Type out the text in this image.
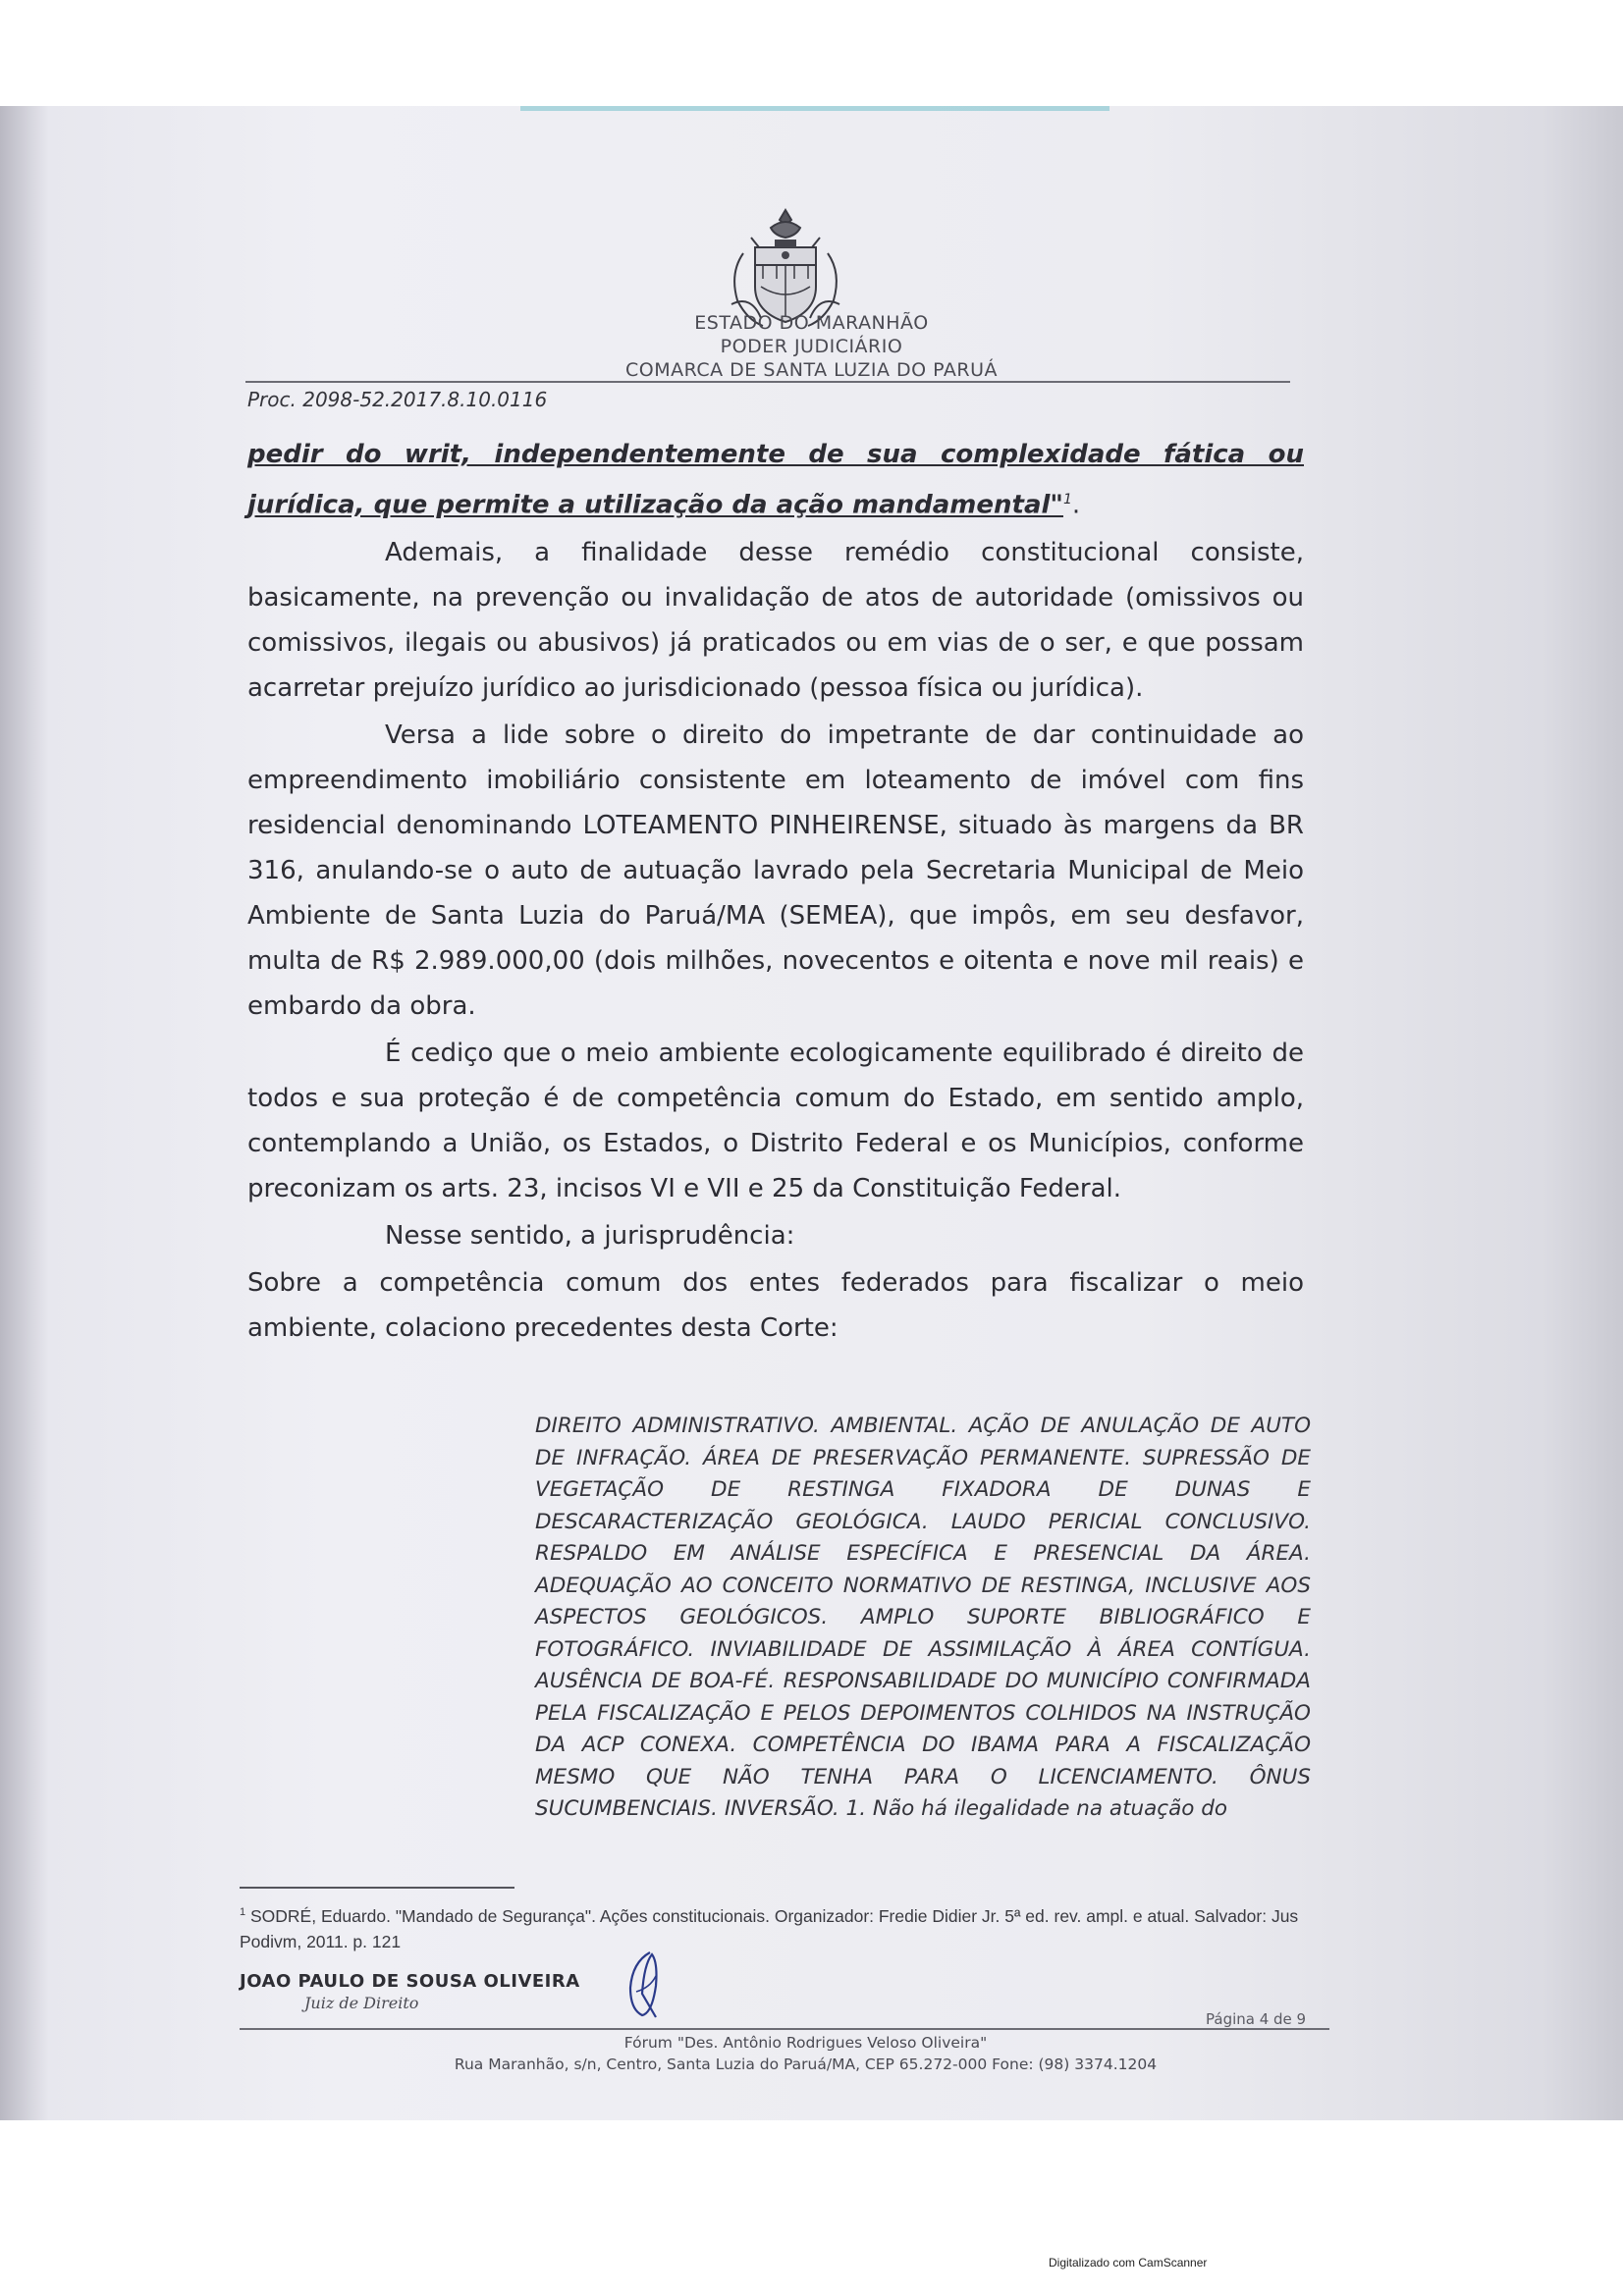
ESTADO DO MARANHÃO
PODER JUDICIÁRIO
COMARCA DE SANTA LUZIA DO PARUÁ
Proc. 2098-52.2017.8.10.0116

pedir do writ, independentemente de sua complexidade fática ou jurídica, que permite a utilização da ação mandamental"$^1$.

Ademais, a finalidade desse remédio constitucional consiste, basicamente, na prevenção ou invalidação de atos de autoridade (omissivos ou comissivos, ilegais ou abusivos) já praticados ou em vias de o ser, e que possam acarretar prejuízo jurídico ao jurisdicionado (pessoa física ou jurídica).

Versa a lide sobre o direito do impetrante de dar continuidade ao empreendimento imobiliário consistente em loteamento de imóvel com fins residencial denominando LOTEAMENTO PINHEIRENSE, situado às margens da BR 316, anulando-se o auto de autuação lavrado pela Secretaria Municipal de Meio Ambiente de Santa Luzia do Paruá/MA (SEMEA), que impôs, em seu desfavor, multa de R$ 2.989.000,00 (dois milhões, novecentos e oitenta e nove mil reais) e embardo da obra.

É cediço que o meio ambiente ecologicamente equilibrado é direito de todos e sua proteção é de competência comum do Estado, em sentido amplo, contemplando a União, os Estados, o Distrito Federal e os Municípios, conforme preconizam os arts. 23, incisos VI e VII e 25 da Constituição Federal.

Nesse sentido, a jurisprudência:

Sobre a competência comum dos entes federados para fiscalizar o meio ambiente, colaciono precedentes desta Corte:

DIREITO ADMINISTRATIVO. AMBIENTAL. AÇÃO DE ANULAÇÃO DE AUTO DE INFRAÇÃO. ÁREA DE PRESERVAÇÃO PERMANENTE. SUPRESSÃO DE VEGETAÇÃO DE RESTINGA FIXADORA DE DUNAS E DESCARACTERIZAÇÃO GEOLÓGICA. LAUDO PERICIAL CONCLUSIVO. RESPALDO EM ANÁLISE ESPECÍFICA E PRESENCIAL DA ÁREA. ADEQUAÇÃO AO CONCEITO NORMATIVO DE RESTINGA, INCLUSIVE AOS ASPECTOS GEOLÓGICOS. AMPLO SUPORTE BIBLIOGRÁFICO E FOTOGRÁFICO. INVIABILIDADE DE ASSIMILAÇÃO À ÁREA CONTÍGUA. AUSÊNCIA DE BOA-FÉ. RESPONSABILIDADE DO MUNICÍPIO CONFIRMADA PELA FISCALIZAÇÃO E PELOS DEPOIMENTOS COLHIDOS NA INSTRUÇÃO DA ACP CONEXA. COMPETÊNCIA DO IBAMA PARA A FISCALIZAÇÃO MESMO QUE NÃO TENHA PARA O LICENCIAMENTO. ÔNUS SUCUMBENCIAIS. INVERSÃO. 1. Não há ilegalidade na atuação do
$^1$ SODRÉ, Eduardo. "Mandado de Segurança". Ações constitucionais. Organizador: Fredie Didier Jr. 5ª ed. rev. ampl. e atual. Salvador: Jus Podivm, 2011. p. 121
JOAO PAULO DE SOUSA OLIVEIRA
Juiz de Direito
Página 4 de 9
Fórum "Des. Antônio Rodrigues Veloso Oliveira"
Rua Maranhão, s/n, Centro, Santa Luzia do Paruá/MA, CEP 65.272-000 Fone: (98) 3374.1204
Digitalizado com CamScanner
